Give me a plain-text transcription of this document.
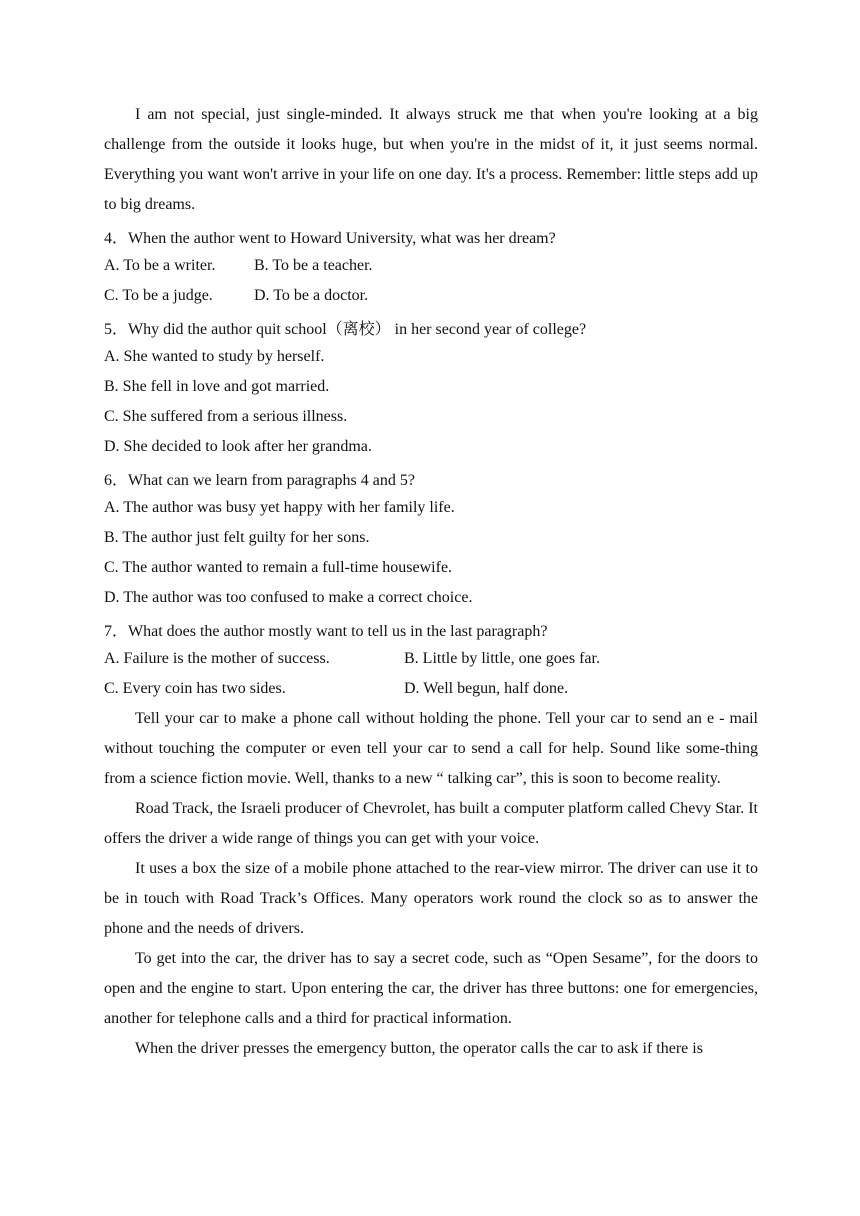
I am not special, just single-minded. It always struck me that when you're looking at a big challenge from the outside it looks huge, but when you're in the midst of it, it just seems normal. Everything you want won't arrive in your life on one day. It's a process. Remember: little steps add up to big dreams.

4．When the author went to Howard University, what was her dream?

A. To be a writer.	B. To be a teacher.
C. To be a judge.	D. To be a doctor.

5．Why did the author quit school（离校） in her second year of college?

A. She wanted to study by herself.

B. She fell in love and got married.

C. She suffered from a serious illness.

D. She decided to look after her grandma.

6．What can we learn from paragraphs 4 and 5?

A. The author was busy yet happy with her family life.

B. The author just felt guilty for her sons.

C. The author wanted to remain a full-time housewife.

D. The author was too confused to make a correct choice.

7．What does the author mostly want to tell us in the last paragraph?

A. Failure is the mother of success.	B. Little by little, one goes far.
C. Every coin has two sides.	D. Well begun, half done.

Tell your car to make a phone call without holding the phone. Tell your car to send an e - mail without touching the computer or even tell your car to send a call for help. Sound like some-thing from a science fiction movie. Well, thanks to a new “ talking car”, this is soon to become reality.

Road Track, the Israeli producer of Chevrolet, has built a computer platform called Chevy Star. It offers the driver a wide range of things you can get with your voice.

It uses a box the size of a mobile phone attached to the rear-view mirror. The driver can use it to be in touch with Road Track’s Offices. Many operators work round the clock so as to answer the phone and the needs of drivers.

To get into the car, the driver has to say a secret code, such as “Open Sesame”, for the doors to open and the engine to start. Upon entering the car, the driver has three buttons: one for emergencies, another for telephone calls and a third for practical information.

When the driver presses the emergency button, the operator calls the car to ask if there is
